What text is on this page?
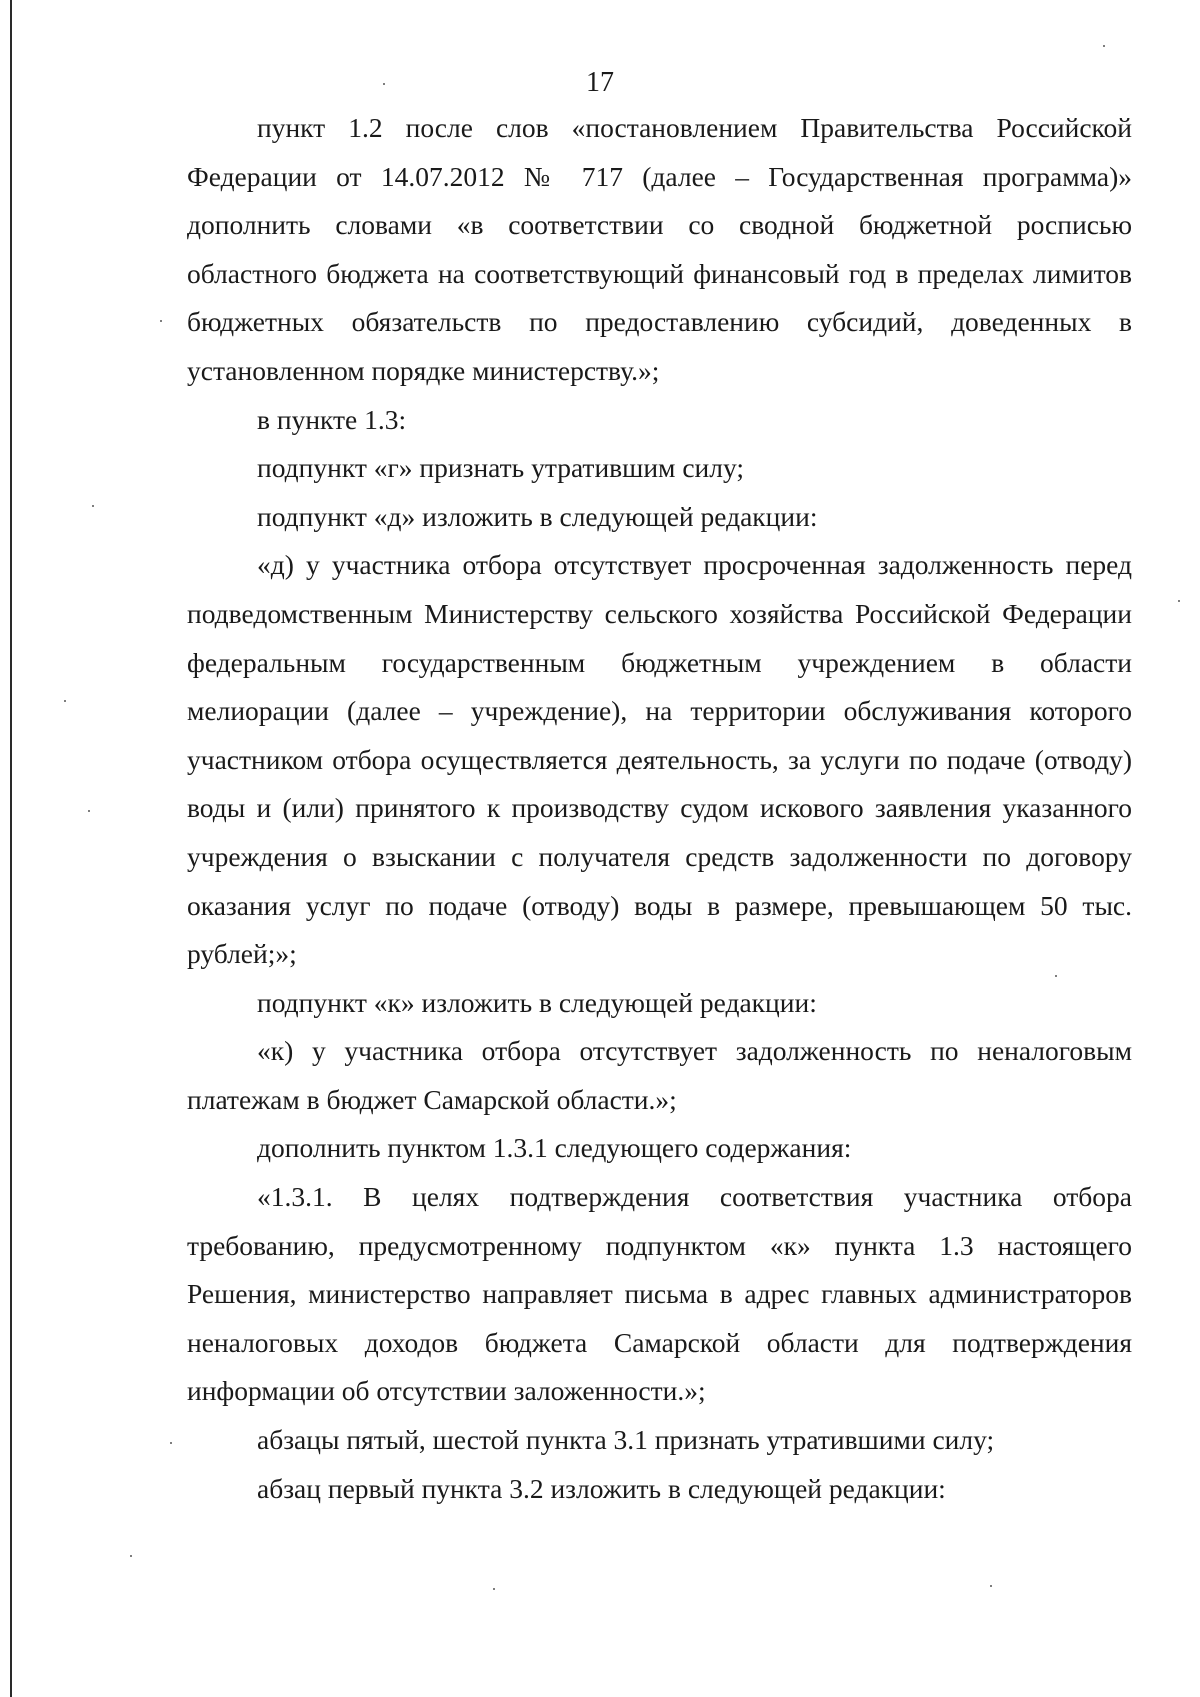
17

пункт 1.2 после слов «постановлением Правительства Российской Федерации от 14.07.2012 № 717 (далее – Государственная программа)» дополнить словами «в соответствии со сводной бюджетной росписью областного бюджета на соответствующий финансовый год в пределах лимитов бюджетных обязательств по предоставлению субсидий, доведенных в установленном порядке министерству.»;

в пункте 1.3:

подпункт «г» признать утратившим силу;

подпункт «д» изложить в следующей редакции:

«д) у участника отбора отсутствует просроченная задолженность перед подведомственным Министерству сельского хозяйства Российской Федерации федеральным государственным бюджетным учреждением в области мелиорации (далее – учреждение), на территории обслуживания которого участником отбора осуществляется деятельность, за услуги по подаче (отводу) воды и (или) принятого к производству судом искового заявления указанного учреждения о взыскании с получателя средств задолженности по договору оказания услуг по подаче (отводу) воды в размере, превышающем 50 тыс. рублей;»;

подпункт «к» изложить в следующей редакции:

«к) у участника отбора отсутствует задолженность по неналоговым платежам в бюджет Самарской области.»;

дополнить пунктом 1.3.1 следующего содержания:

«1.3.1. В целях подтверждения соответствия участника отбора требованию, предусмотренному подпунктом «к» пункта 1.3 настоящего Решения, министерство направляет письма в адрес главных администраторов неналоговых доходов бюджета Самарской области для подтверждения информации об отсутствии заложенности.»;

абзацы пятый, шестой пункта 3.1 признать утратившими силу;

абзац первый пункта 3.2 изложить в следующей редакции:
